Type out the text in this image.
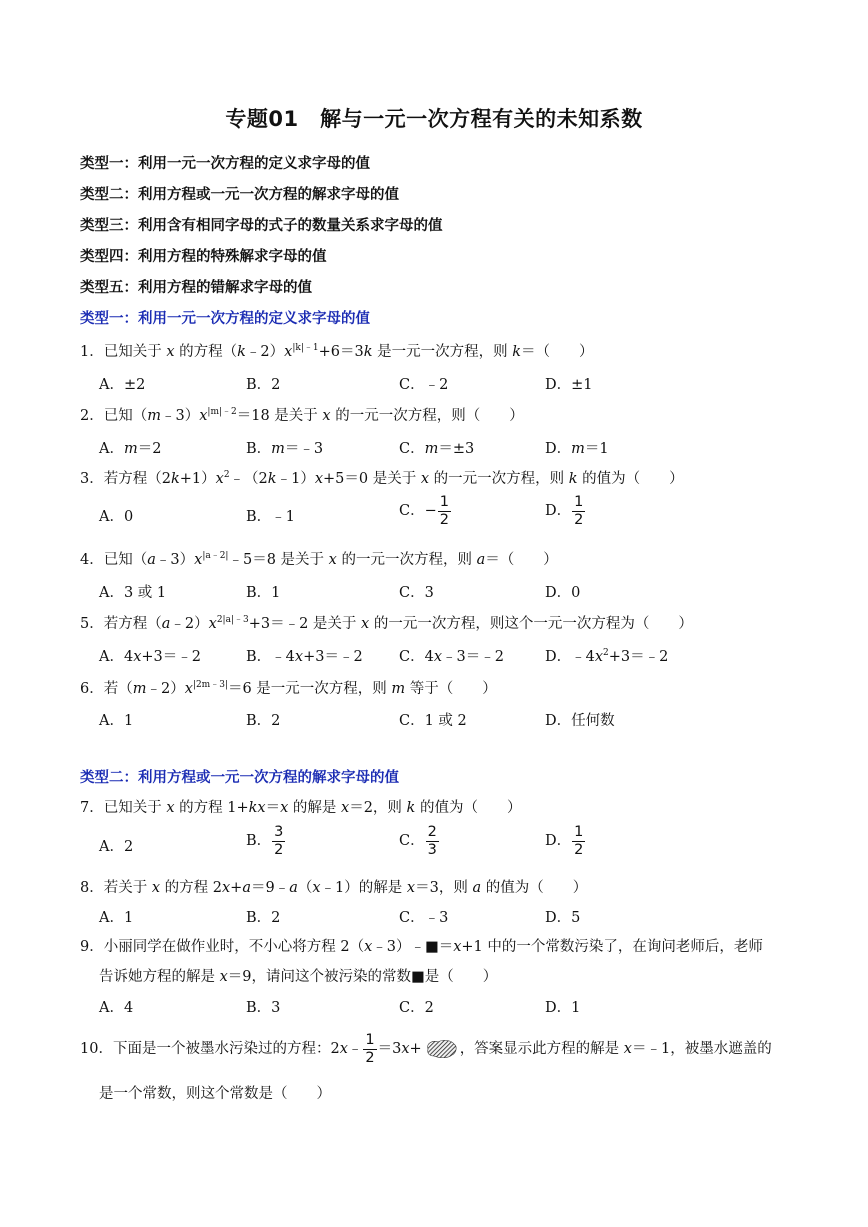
专题01　解与一元一次方程有关的未知系数
类型一：利用一元一次方程的定义求字母的值
类型二：利用方程或一元一次方程的解求字母的值
类型三：利用含有相同字母的式子的数量关系求字母的值
类型四：利用方程的特殊解求字母的值
类型五：利用方程的错解求字母的值
类型一：利用一元一次方程的定义求字母的值
1．已知关于 x 的方程$(k﹣2)x^{|k|﹣1}+6=3k$ 是一元一次方程，则 k＝（　　）
A．±2	B．2	C．﹣2	D．±1
2．已知$(m﹣3)x^{|m|﹣2}=18$ 是关于 x 的一元一次方程，则（　　）
A．m＝2	B．m＝﹣3	C．m＝±3	D．m＝1
3．若方程$(2k+1)x^2﹣(2k﹣1)x+5=0$ 是关于 x 的一元一次方程，则 k 的值为（　　）
A．0	B．﹣1	C．− $\frac{1}{2}$	D． $\frac{1}{2}$
4．已知$(a﹣3)x^{|a﹣2|}﹣5=8$ 是关于 x 的一元一次方程，则 a＝（　　）
A．3 或 1	B．1	C．3	D．0
5．若方程$(a﹣2)x^{2|a|﹣3}+3=﹣2$ 是关于 x 的一元一次方程，则这个一元一次方程为（　　）
A．4x+3＝﹣2	B．﹣4x+3＝﹣2	C．4x﹣3＝﹣2	D．$﹣4x^2+3=﹣2$
6．若$(m﹣2)x^{|2m﹣3|}=6$ 是一元一次方程，则 m 等于（　　）
A．1	B．2	C．1 或 2	D．任何数
类型二：利用方程或一元一次方程的解求字母的值
7．已知关于 x 的方程 1+kx＝x 的解是 x＝2，则 k 的值为（　　）
A．2	B． $\frac{3}{2}$	C． $\frac{2}{3}$	D． $\frac{1}{2}$
8．若关于 x 的方程 2x+a＝9﹣a（x﹣1）的解是 x＝3，则 a 的值为（　　）
A．1	B．2	C．﹣3	D．5
9．小丽同学在做作业时，不小心将方程 2（x﹣3）﹣■＝x+1 中的一个常数污染了，在询问老师后，老师
告诉她方程的解是 x＝9，请问这个被污染的常数■是（　　）
A．4	B．3	C．2	D．1
10．下面是一个被墨水污染过的方程：2x﹣ $\frac{1}{2} =3x+$	，答案显示此方程的解是 x＝﹣1，被墨水遮盖的
是一个常数，则这个常数是（　　）
